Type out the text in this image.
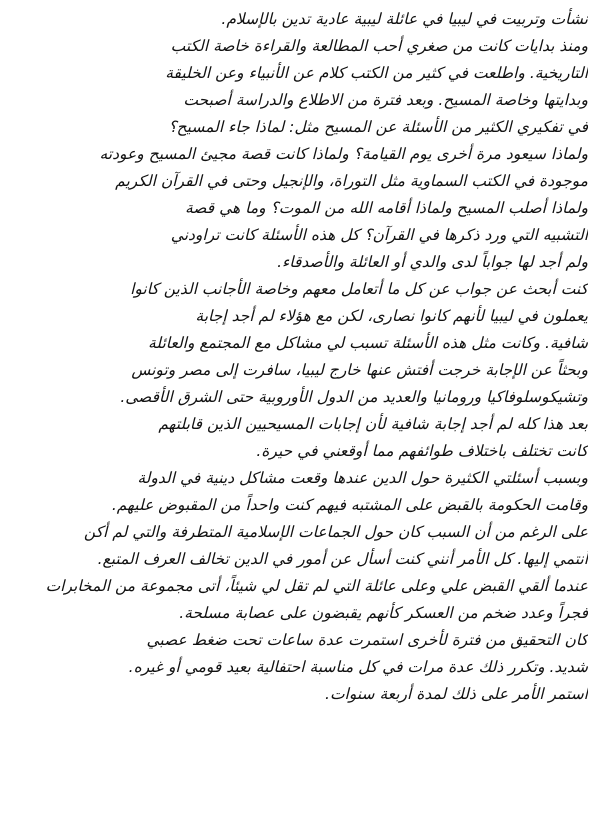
نشأت وتربيت في ليبيا في عائلة ليبية عادية تدين بالإسلام.
ومنذ بدايات كانت من صغري أحب المطالعة والقراءة خاصة الكتب
التاريخية. واطلعت في كثير من الكتب كلام عن الأنبياء وعن الخليقة
وبدايتها وخاصة المسيح. وبعد فترة من الاطلاع والدراسة أصبحت
في تفكيري الكثير من الأسئلة عن المسيح مثل: لماذا جاء المسيح؟
ولماذا سيعود مرة أخرى يوم القيامة؟ ولماذا كانت قصة مجيئ المسيح وعودته
موجودة في الكتب السماوية مثل التوراة، والإنجيل وحتى في القرآن الكريم
ولماذا أصلب المسيح ولماذا أقامه الله من الموت؟ وما هي قصة
التشبيه التي ورد ذكرها في القرآن؟ كل هذه الأسئلة كانت تراودني
ولم أجد لها جواباً لدى والدي أو العائلة والأصدقاء.
كنت أبحث عن جواب عن كل ما أتعامل معهم وخاصة الأجانب الذين كانوا
يعملون في ليبيا لأنهم كانوا نصارى، لكن مع هؤلاء لم أجد إجابة
شافية. وكانت مثل هذه الأسئلة تسبب لي مشاكل مع المجتمع والعائلة
وبحثاً عن الإجابة خرجت أفتش عنها خارج ليبيا، سافرت إلى مصر وتونس
وتشيكوسلوفاكيا ورومانيا والعديد من الدول الأوروبية حتى الشرق الأقصى.
بعد هذا كله لم أجد إجابة شافية لأن إجابات المسيحيين الذين قابلتهم
كانت تختلف باختلاف طوائفهم مما أوقعني في حيرة.
وبسبب أسئلتي الكثيرة حول الدين عندها وقعت مشاكل دينية في الدولة
وقامت الحكومة بالقبض على المشتبه فيهم كنت واحداً من المقبوض عليهم.
على الرغم من أن السبب كان حول الجماعات الإسلامية المتطرفة والتي لم أكن
أنتمي إليها. كل الأمر أنني كنت أسأل عن أمور في الدين تخالف العرف المتبع.
عندما ألقي القبض علي وعلى عائلة التي لم تقل لي شيئاً، أتى مجموعة من المخابرات
فجراً وعدد ضخم من العسكر كأنهم يقبضون على عصابة مسلحة.
كان التحقيق من فترة لأخرى استمرت عدة ساعات تحت ضغط عصبي
شديد. وتكرر ذلك عدة مرات في كل مناسبة احتفالية بعيد قومي أو غيره.
استمر الأمر على ذلك لمدة أربعة سنوات.
